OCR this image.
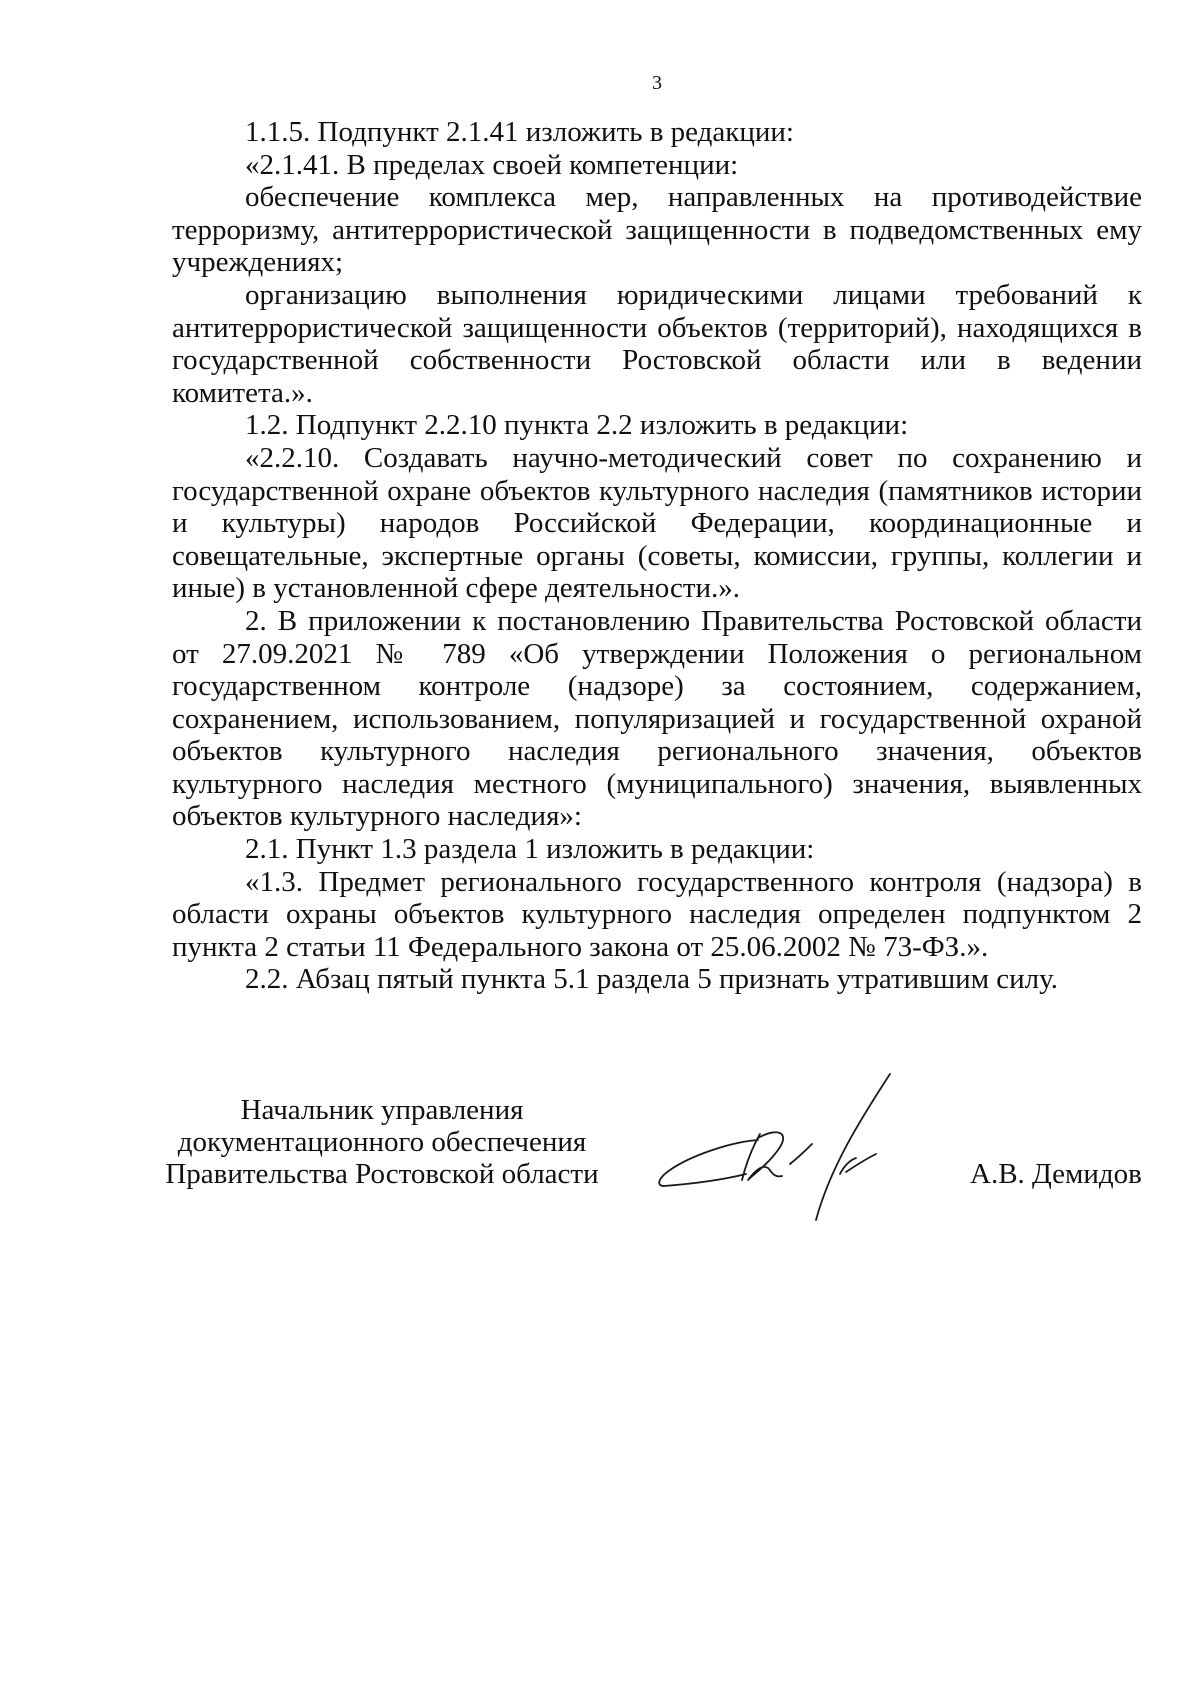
3

1.1.5. Подпункт 2.1.41 изложить в редакции:

«2.1.41. В пределах своей компетенции:

обеспечение комплекса мер, направленных на противодействие терроризму, антитеррористической защищенности в подведомственных ему учреждениях;

организацию выполнения юридическими лицами требований к антитеррористической защищенности объектов (территорий), находящихся в государственной собственности Ростовской области или в ведении комитета.».

1.2. Подпункт 2.2.10 пункта 2.2 изложить в редакции:

«2.2.10. Создавать научно-методический совет по сохранению и государственной охране объектов культурного наследия (памятников истории и культуры) народов Российской Федерации, координационные и совещательные, экспертные органы (советы, комиссии, группы, коллегии и иные) в установленной сфере деятельности.».

2. В приложении к постановлению Правительства Ростовской области от 27.09.2021 № 789 «Об утверждении Положения о региональном государственном контроле (надзоре) за состоянием, содержанием, сохранением, использованием, популяризацией и государственной охраной объектов культурного наследия регионального значения, объектов культурного наследия местного (муниципального) значения, выявленных объектов культурного наследия»:

2.1. Пункт 1.3 раздела 1 изложить в редакции:

«1.3. Предмет регионального государственного контроля (надзора) в области охраны объектов культурного наследия определен подпунктом 2 пункта 2 статьи 11 Федерального закона от 25.06.2002 № 73-ФЗ.».

2.2. Абзац пятый пункта 5.1 раздела 5 признать утратившим силу.

Начальник управления
документационного обеспечения
Правительства Ростовской области	А.В. Демидов
